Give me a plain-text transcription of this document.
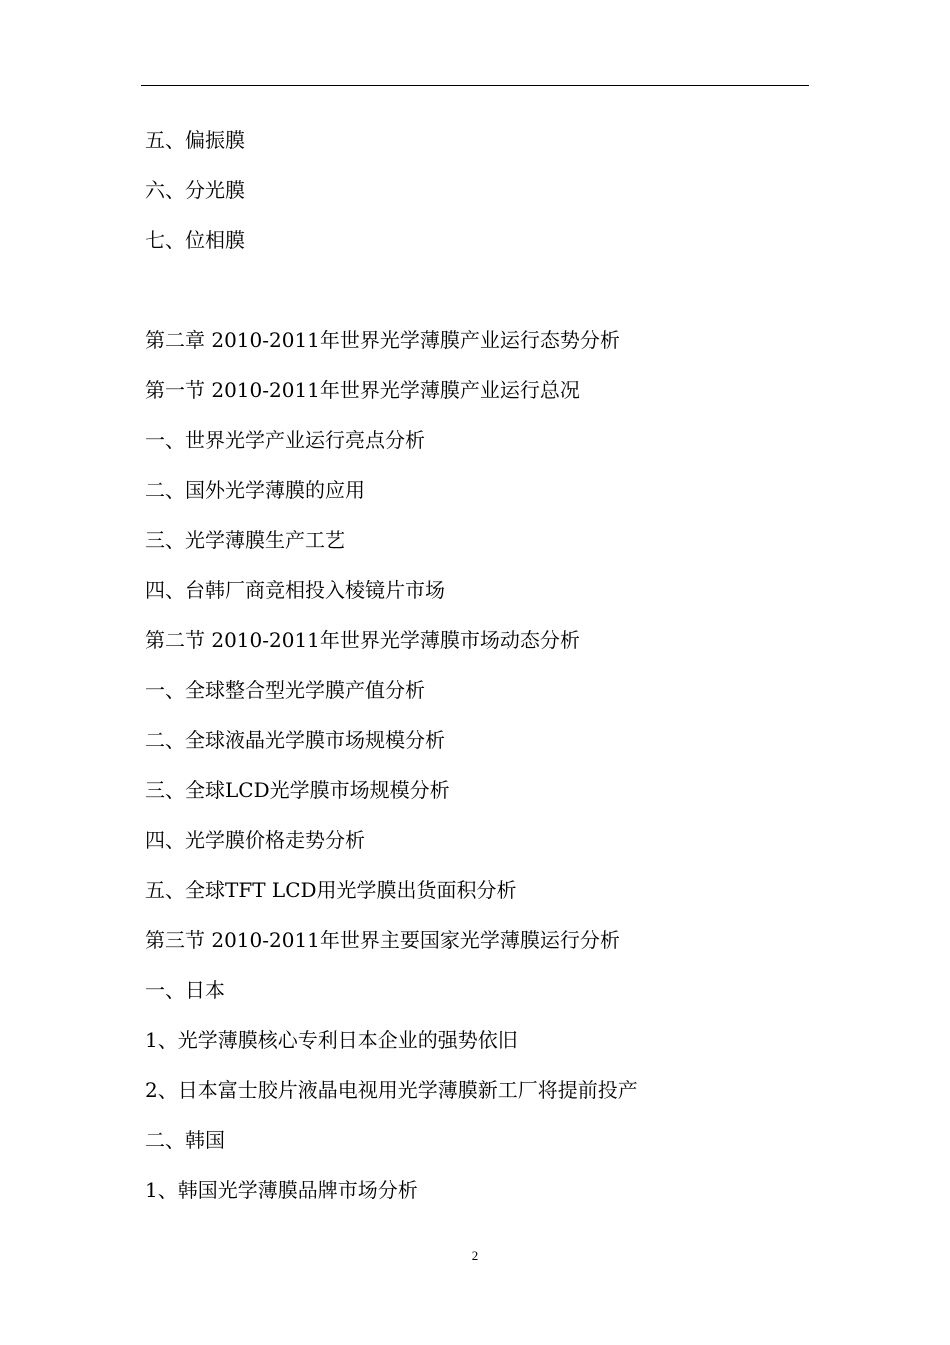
五、偏振膜
六、分光膜
七、位相膜
第二章 2010-2011年世界光学薄膜产业运行态势分析
第一节 2010-2011年世界光学薄膜产业运行总况
一、世界光学产业运行亮点分析
二、国外光学薄膜的应用
三、光学薄膜生产工艺
四、台韩厂商竞相投入棱镜片市场
第二节 2010-2011年世界光学薄膜市场动态分析
一、全球整合型光学膜产值分析
二、全球液晶光学膜市场规模分析
三、全球LCD光学膜市场规模分析
四、光学膜价格走势分析
五、全球TFT LCD用光学膜出货面积分析
第三节 2010-2011年世界主要国家光学薄膜运行分析
一、日本
1、光学薄膜核心专利日本企业的强势依旧
2、日本富士胶片液晶电视用光学薄膜新工厂将提前投产
二、韩国
1、韩国光学薄膜品牌市场分析
2
